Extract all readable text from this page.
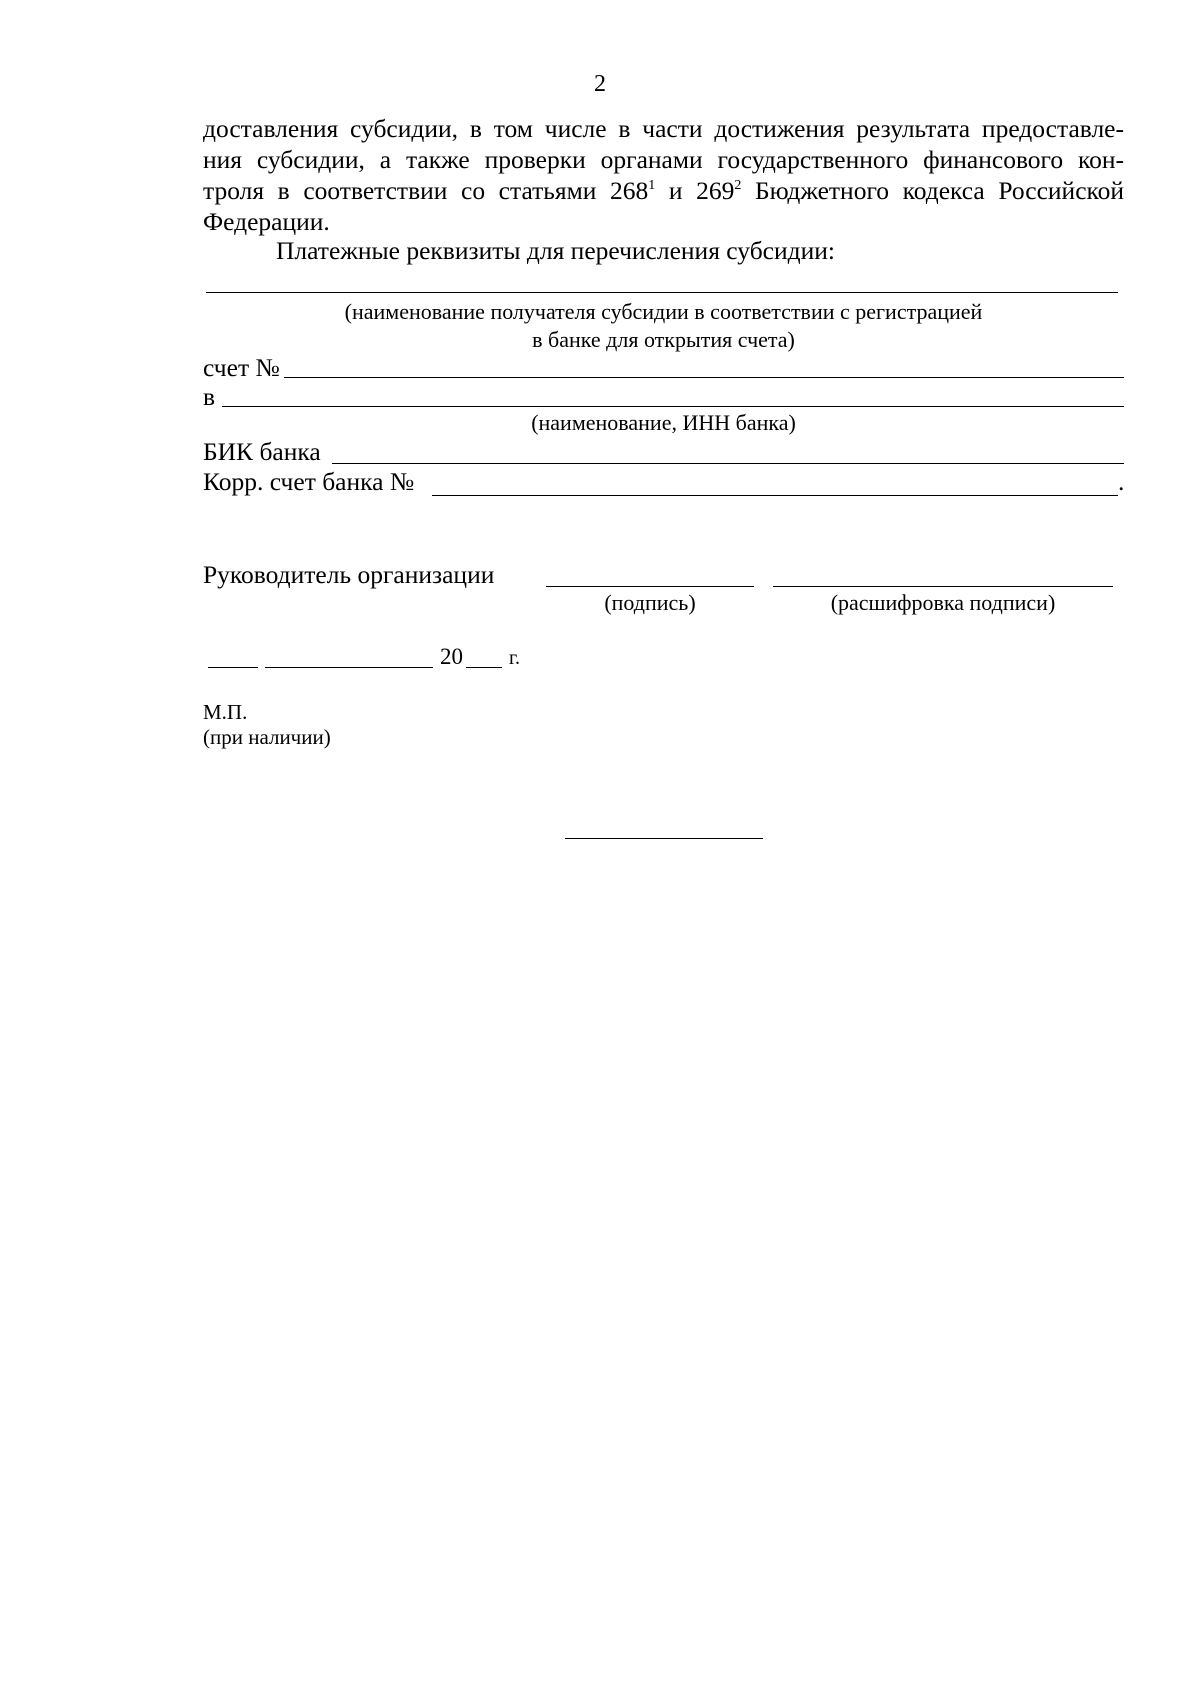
2
доставления субсидии, в том числе в части достижения результата предоставле-
ния субсидии, а также проверки органами государственного финансового кон-
троля в соответствии со статьями $268^1$ и $269^2$ Бюджетного кодекса Российской
Федерации.
Платежные реквизиты для перечисления субсидии:
(наименование получателя субсидии в соответствии с регистрацией
в банке для открытия счета)
счет №
в
(наименование, ИНН банка)
БИК банка
Корр. счет банка №	.
Руководитель организации
(подпись)	(расшифровка подписи)
20 г.
М.П.
(при наличии)
